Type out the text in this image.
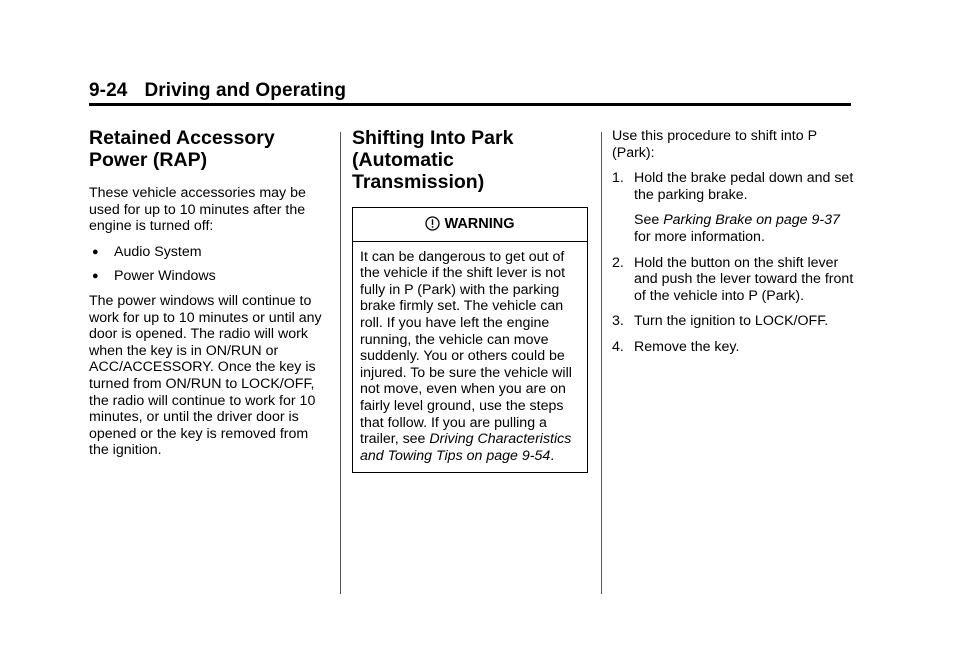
9-24 Driving and Operating
Retained Accessory Power (RAP)

These vehicle accessories may be used for up to 10 minutes after the engine is turned off:

● Audio System
● Power Windows

The power windows will continue to work for up to 10 minutes or until any door is opened. The radio will work when the key is in ON/RUN or ACC/ACCESSORY. Once the key is turned from ON/RUN to LOCK/OFF, the radio will continue to work for 10 minutes, or until the driver door is opened or the key is removed from the ignition.

Shifting Into Park (Automatic Transmission)
WARNING
It can be dangerous to get out of the vehicle if the shift lever is not fully in P (Park) with the parking brake firmly set. The vehicle can roll. If you have left the engine running, the vehicle can move suddenly. You or others could be injured. To be sure the vehicle will not move, even when you are on fairly level ground, use the steps that follow. If you are pulling a trailer, see Driving Characteristics and Towing Tips on page 9-54.

Use this procedure to shift into P (Park):

1. Hold the brake pedal down and set the parking brake.
See Parking Brake on page 9-37 for more information.
2. Hold the button on the shift lever and push the lever toward the front of the vehicle into P (Park).
3. Turn the ignition to LOCK/OFF.
4. Remove the key.
